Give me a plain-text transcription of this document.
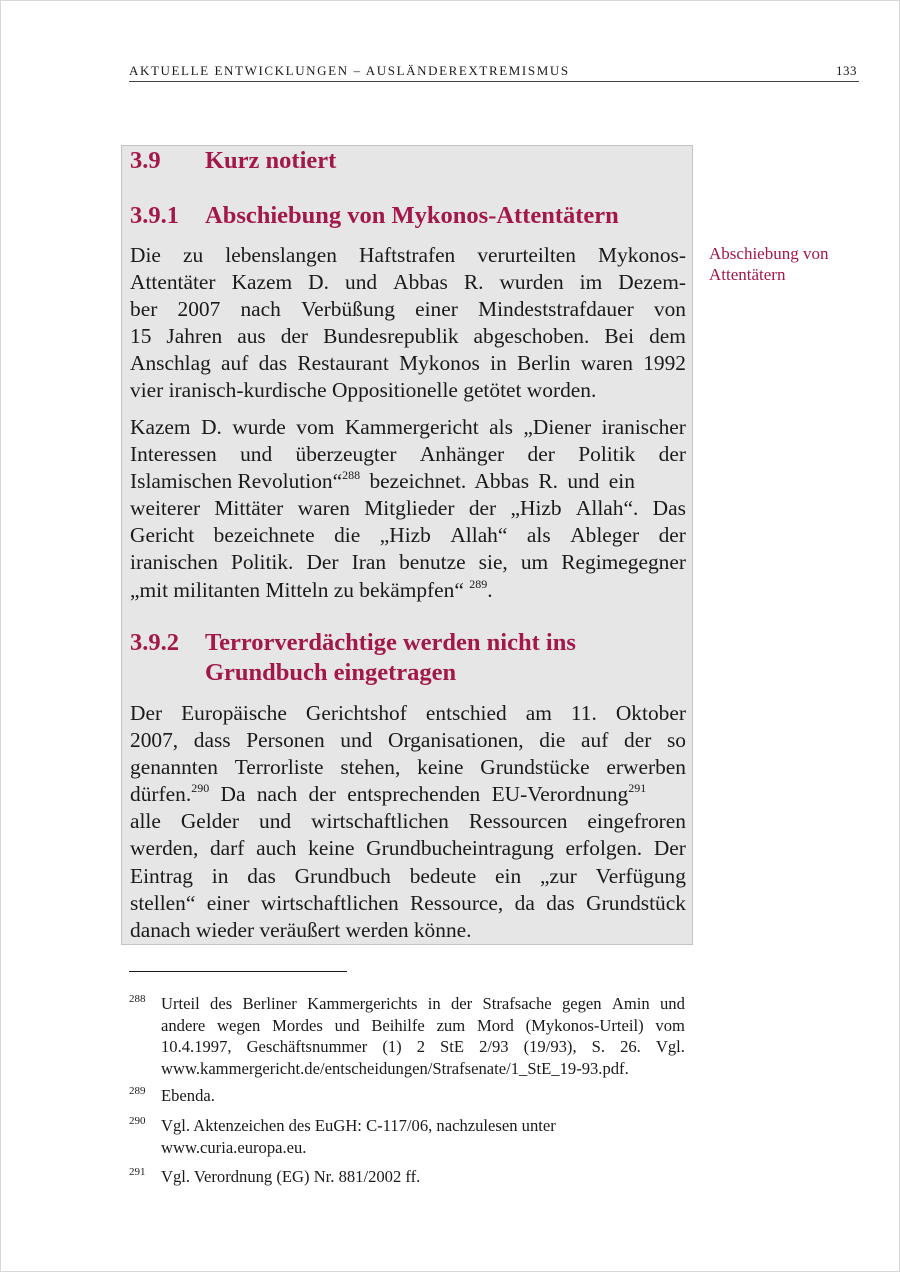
AKTUELLE ENTWICKLUNGEN – AUSLÄNDEREXTREMISMUS	133
3.9 Kurz notiert
3.9.1 Abschiebung von Mykonos-Attentätern
Die zu lebenslangen Haftstrafen verurteilten Mykonos-
Attentäter Kazem D. und Abbas R. wurden im Dezem-
ber 2007 nach Verbüßung einer Mindeststrafdauer von
15 Jahren aus der Bundesrepublik abgeschoben. Bei dem
Anschlag auf das Restaurant Mykonos in Berlin waren 1992
vier iranisch-kurdische Oppositionelle getötet worden.
Kazem D. wurde vom Kammergericht als „Diener iranischer
Interessen und überzeugter Anhänger der Politik der
Islamischen Revolution“$^{288}$ bezeichnet. Abbas R. und ein
weiterer Mittäter waren Mitglieder der „Hizb Allah“. Das
Gericht bezeichnete die „Hizb Allah“ als Ableger der
iranischen Politik. Der Iran benutze sie, um Regimegegner
„mit militanten Mitteln zu bekämpfen“ $^{289}$.
3.9.2 Terrorverdächtige werden nicht ins
Grundbuch eingetragen
Der Europäische Gerichtshof entschied am 11. Oktober
2007, dass Personen und Organisationen, die auf der so
genannten Terrorliste stehen, keine Grundstücke erwerben
dürfen.$^{290}$ Da nach der entsprechenden EU-Verordnung$^{291}$
alle Gelder und wirtschaftlichen Ressourcen eingefroren
werden, darf auch keine Grundbucheintragung erfolgen. Der
Eintrag in das Grundbuch bedeute ein „zur Verfügung
stellen“ einer wirtschaftlichen Ressource, da das Grundstück
danach wieder veräußert werden könne.
Abschiebung von
Attentätern
288 Urteil des Berliner Kammergerichts in der Strafsache gegen Amin und
andere wegen Mordes und Beihilfe zum Mord (Mykonos-Urteil) vom
10.4.1997, Geschäftsnummer (1) 2 StE 2/93 (19/93), S. 26. Vgl.
www.kammergericht.de/entscheidungen/Strafsenate/1_StE_19-93.pdf.
289 Ebenda.
290 Vgl. Aktenzeichen des EuGH: C-117/06, nachzulesen unter
www.curia.europa.eu.
291 Vgl. Verordnung (EG) Nr. 881/2002 ff.
